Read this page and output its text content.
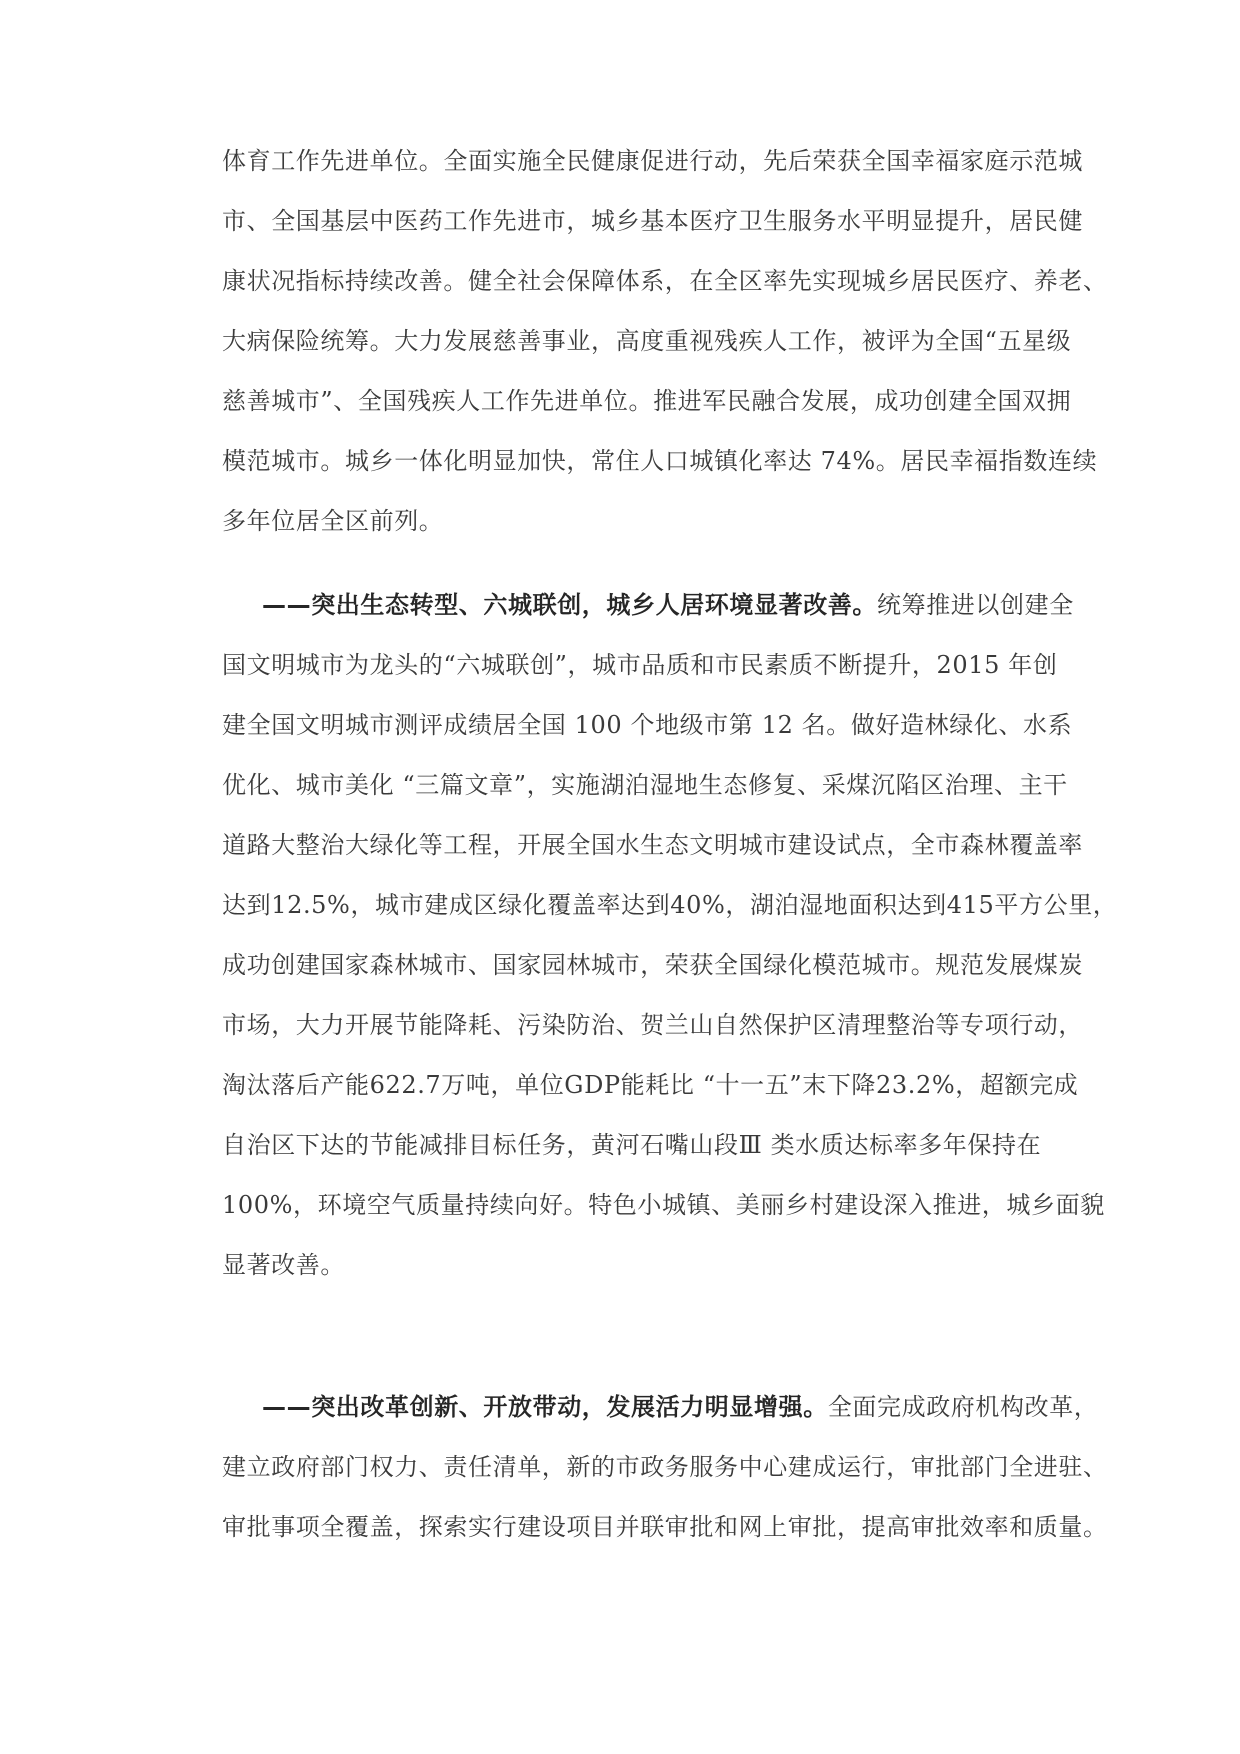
体育工作先进单位。全面实施全民健康促进行动，先后荣获全国幸福家庭示范城
市、全国基层中医药工作先进市，城乡基本医疗卫生服务水平明显提升，居民健
康状况指标持续改善。健全社会保障体系，在全区率先实现城乡居民医疗、养老、
大病保险统筹。大力发展慈善事业，高度重视残疾人工作，被评为全国“五星级
慈善城市”、全国残疾人工作先进单位。推进军民融合发展，成功创建全国双拥
模范城市。城乡一体化明显加快，常住人口城镇化率达 74%。居民幸福指数连续
多年位居全区前列。
——突出生态转型、六城联创，城乡人居环境显著改善。统筹推进以创建全
国文明城市为龙头的“六城联创”，城市品质和市民素质不断提升，2015 年创
建全国文明城市测评成绩居全国 100 个地级市第 12 名。做好造林绿化、水系
优化、城市美化 “三篇文章”，实施湖泊湿地生态修复、采煤沉陷区治理、主干
道路大整治大绿化等工程，开展全国水生态文明城市建设试点，全市森林覆盖率
达到12.5%，城市建成区绿化覆盖率达到40%，湖泊湿地面积达到415平方公里，
成功创建国家森林城市、国家园林城市，荣获全国绿化模范城市。规范发展煤炭
市场，大力开展节能降耗、污染防治、贺兰山自然保护区清理整治等专项行动，
淘汰落后产能622.7万吨，单位GDP能耗比 “十一五”末下降23.2%，超额完成
自治区下达的节能减排目标任务，黄河石嘴山段Ⅲ 类水质达标率多年保持在
100%，环境空气质量持续向好。特色小城镇、美丽乡村建设深入推进，城乡面貌
显著改善。
——突出改革创新、开放带动，发展活力明显增强。全面完成政府机构改革，
建立政府部门权力、责任清单，新的市政务服务中心建成运行，审批部门全进驻、
审批事项全覆盖，探索实行建设项目并联审批和网上审批，提高审批效率和质量。
